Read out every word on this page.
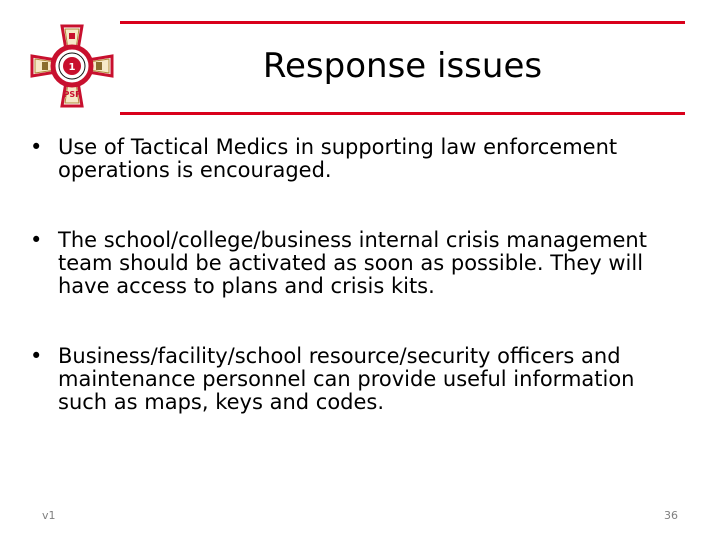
1
PSF
Response issues
• Use of Tactical Medics in supporting law enforcement operations is encouraged.
• The school/college/business internal crisis management team should be activated as soon as possible. They will have access to plans and crisis kits.
• Business/facility/school resource/security officers and maintenance personnel can provide useful information such as maps, keys and codes.
v1	36
